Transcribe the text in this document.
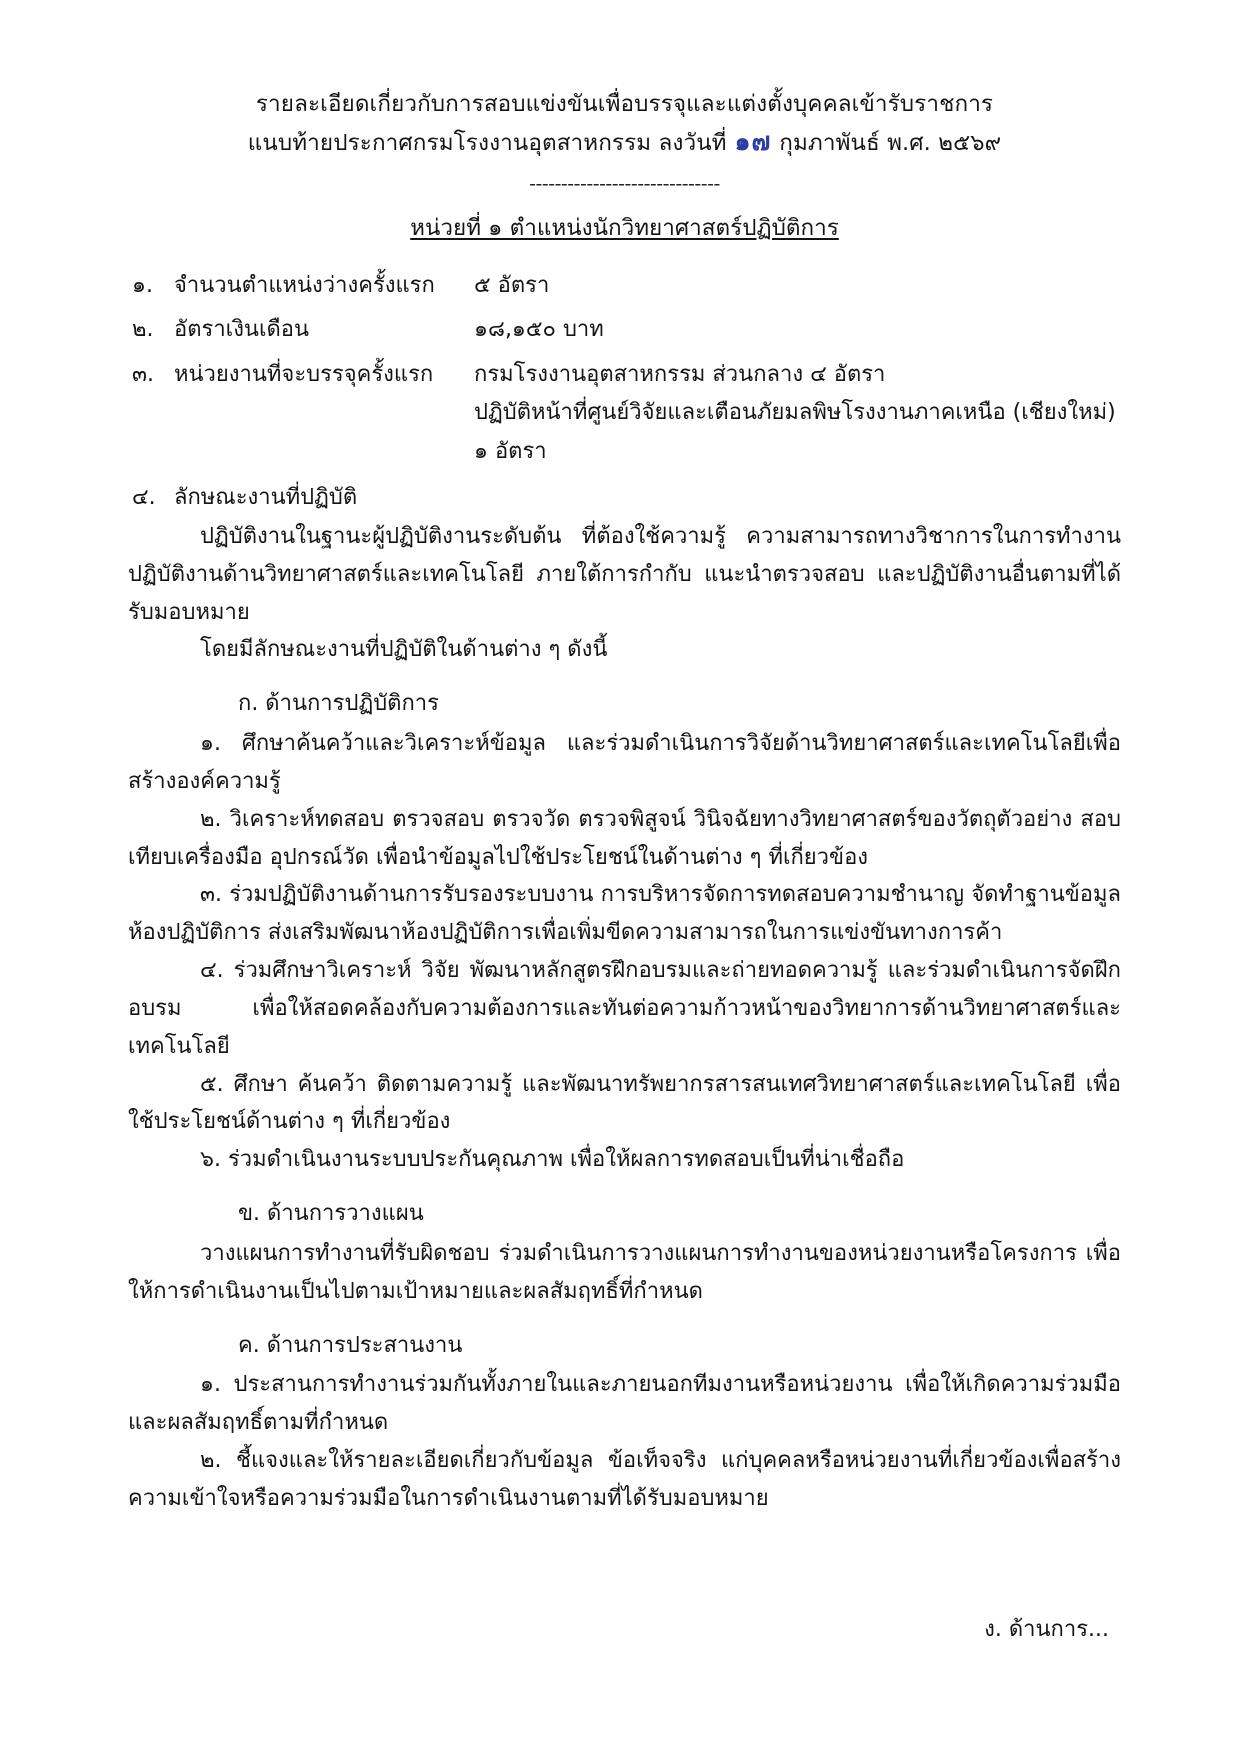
รายละเอียดเกี่ยวกับการสอบแข่งขันเพื่อบรรจุและแต่งตั้งบุคคลเข้ารับราชการ
แนบท้ายประกาศกรมโรงงานอุตสาหกรรม ลงวันที่ ๑๗ กุมภาพันธ์ พ.ศ. ๒๕๖๙
------------------------------
หน่วยที่ ๑ ตำแหน่งนักวิทยาศาสตร์ปฏิบัติการ
๑. จำนวนตำแหน่งว่างครั้งแรก	๕ อัตรา
๒. อัตราเงินเดือน	๑๘,๑๕๐ บาท
๓. หน่วยงานที่จะบรรจุครั้งแรก	กรมโรงงานอุตสาหกรรม ส่วนกลาง ๔ อัตรา
ปฏิบัติหน้าที่ศูนย์วิจัยและเตือนภัยมลพิษโรงงานภาคเหนือ (เชียงใหม่) ๑ อัตรา
๔. ลักษณะงานที่ปฏิบัติ

ปฏิบัติงานในฐานะผู้ปฏิบัติงานระดับต้น ที่ต้องใช้ความรู้ ความสามารถทางวิชาการในการทำงาน ปฏิบัติงานด้านวิทยาศาสตร์และเทคโนโลยี ภายใต้การกำกับ แนะนำตรวจสอบ และปฏิบัติงานอื่นตามที่ได้รับมอบหมาย

โดยมีลักษณะงานที่ปฏิบัติในด้านต่าง ๆ ดังนี้

ก. ด้านการปฏิบัติการ

๑. ศึกษาค้นคว้าและวิเคราะห์ข้อมูล และร่วมดำเนินการวิจัยด้านวิทยาศาสตร์และเทคโนโลยีเพื่อสร้างองค์ความรู้

๒. วิเคราะห์ทดสอบ ตรวจสอบ ตรวจวัด ตรวจพิสูจน์ วินิจฉัยทางวิทยาศาสตร์ของวัตถุตัวอย่าง สอบเทียบเครื่องมือ อุปกรณ์วัด เพื่อนำข้อมูลไปใช้ประโยชน์ในด้านต่าง ๆ ที่เกี่ยวข้อง

๓. ร่วมปฏิบัติงานด้านการรับรองระบบงาน การบริหารจัดการทดสอบความชำนาญ จัดทำฐานข้อมูลห้องปฏิบัติการ ส่งเสริมพัฒนาห้องปฏิบัติการเพื่อเพิ่มขีดความสามารถในการแข่งขันทางการค้า

๔. ร่วมศึกษาวิเคราะห์ วิจัย พัฒนาหลักสูตรฝึกอบรมและถ่ายทอดความรู้ และร่วมดำเนินการจัดฝึกอบรม เพื่อให้สอดคล้องกับความต้องการและทันต่อความก้าวหน้าของวิทยาการด้านวิทยาศาสตร์และเทคโนโลยี

๕. ศึกษา ค้นคว้า ติดตามความรู้ และพัฒนาทรัพยากรสารสนเทศวิทยาศาสตร์และเทคโนโลยี เพื่อใช้ประโยชน์ด้านต่าง ๆ ที่เกี่ยวข้อง

๖. ร่วมดำเนินงานระบบประกันคุณภาพ เพื่อให้ผลการทดสอบเป็นที่น่าเชื่อถือ

ข. ด้านการวางแผน

วางแผนการทำงานที่รับผิดชอบ ร่วมดำเนินการวางแผนการทำงานของหน่วยงานหรือโครงการ เพื่อให้การดำเนินงานเป็นไปตามเป้าหมายและผลสัมฤทธิ์ที่กำหนด

ค. ด้านการประสานงาน

๑. ประสานการทำงานร่วมกันทั้งภายในและภายนอกทีมงานหรือหน่วยงาน เพื่อให้เกิดความร่วมมือและผลสัมฤทธิ์ตามที่กำหนด

๒. ชี้แจงและให้รายละเอียดเกี่ยวกับข้อมูล ข้อเท็จจริง แก่บุคคลหรือหน่วยงานที่เกี่ยวข้องเพื่อสร้างความเข้าใจหรือความร่วมมือในการดำเนินงานตามที่ได้รับมอบหมาย

ง. ด้านการ...
